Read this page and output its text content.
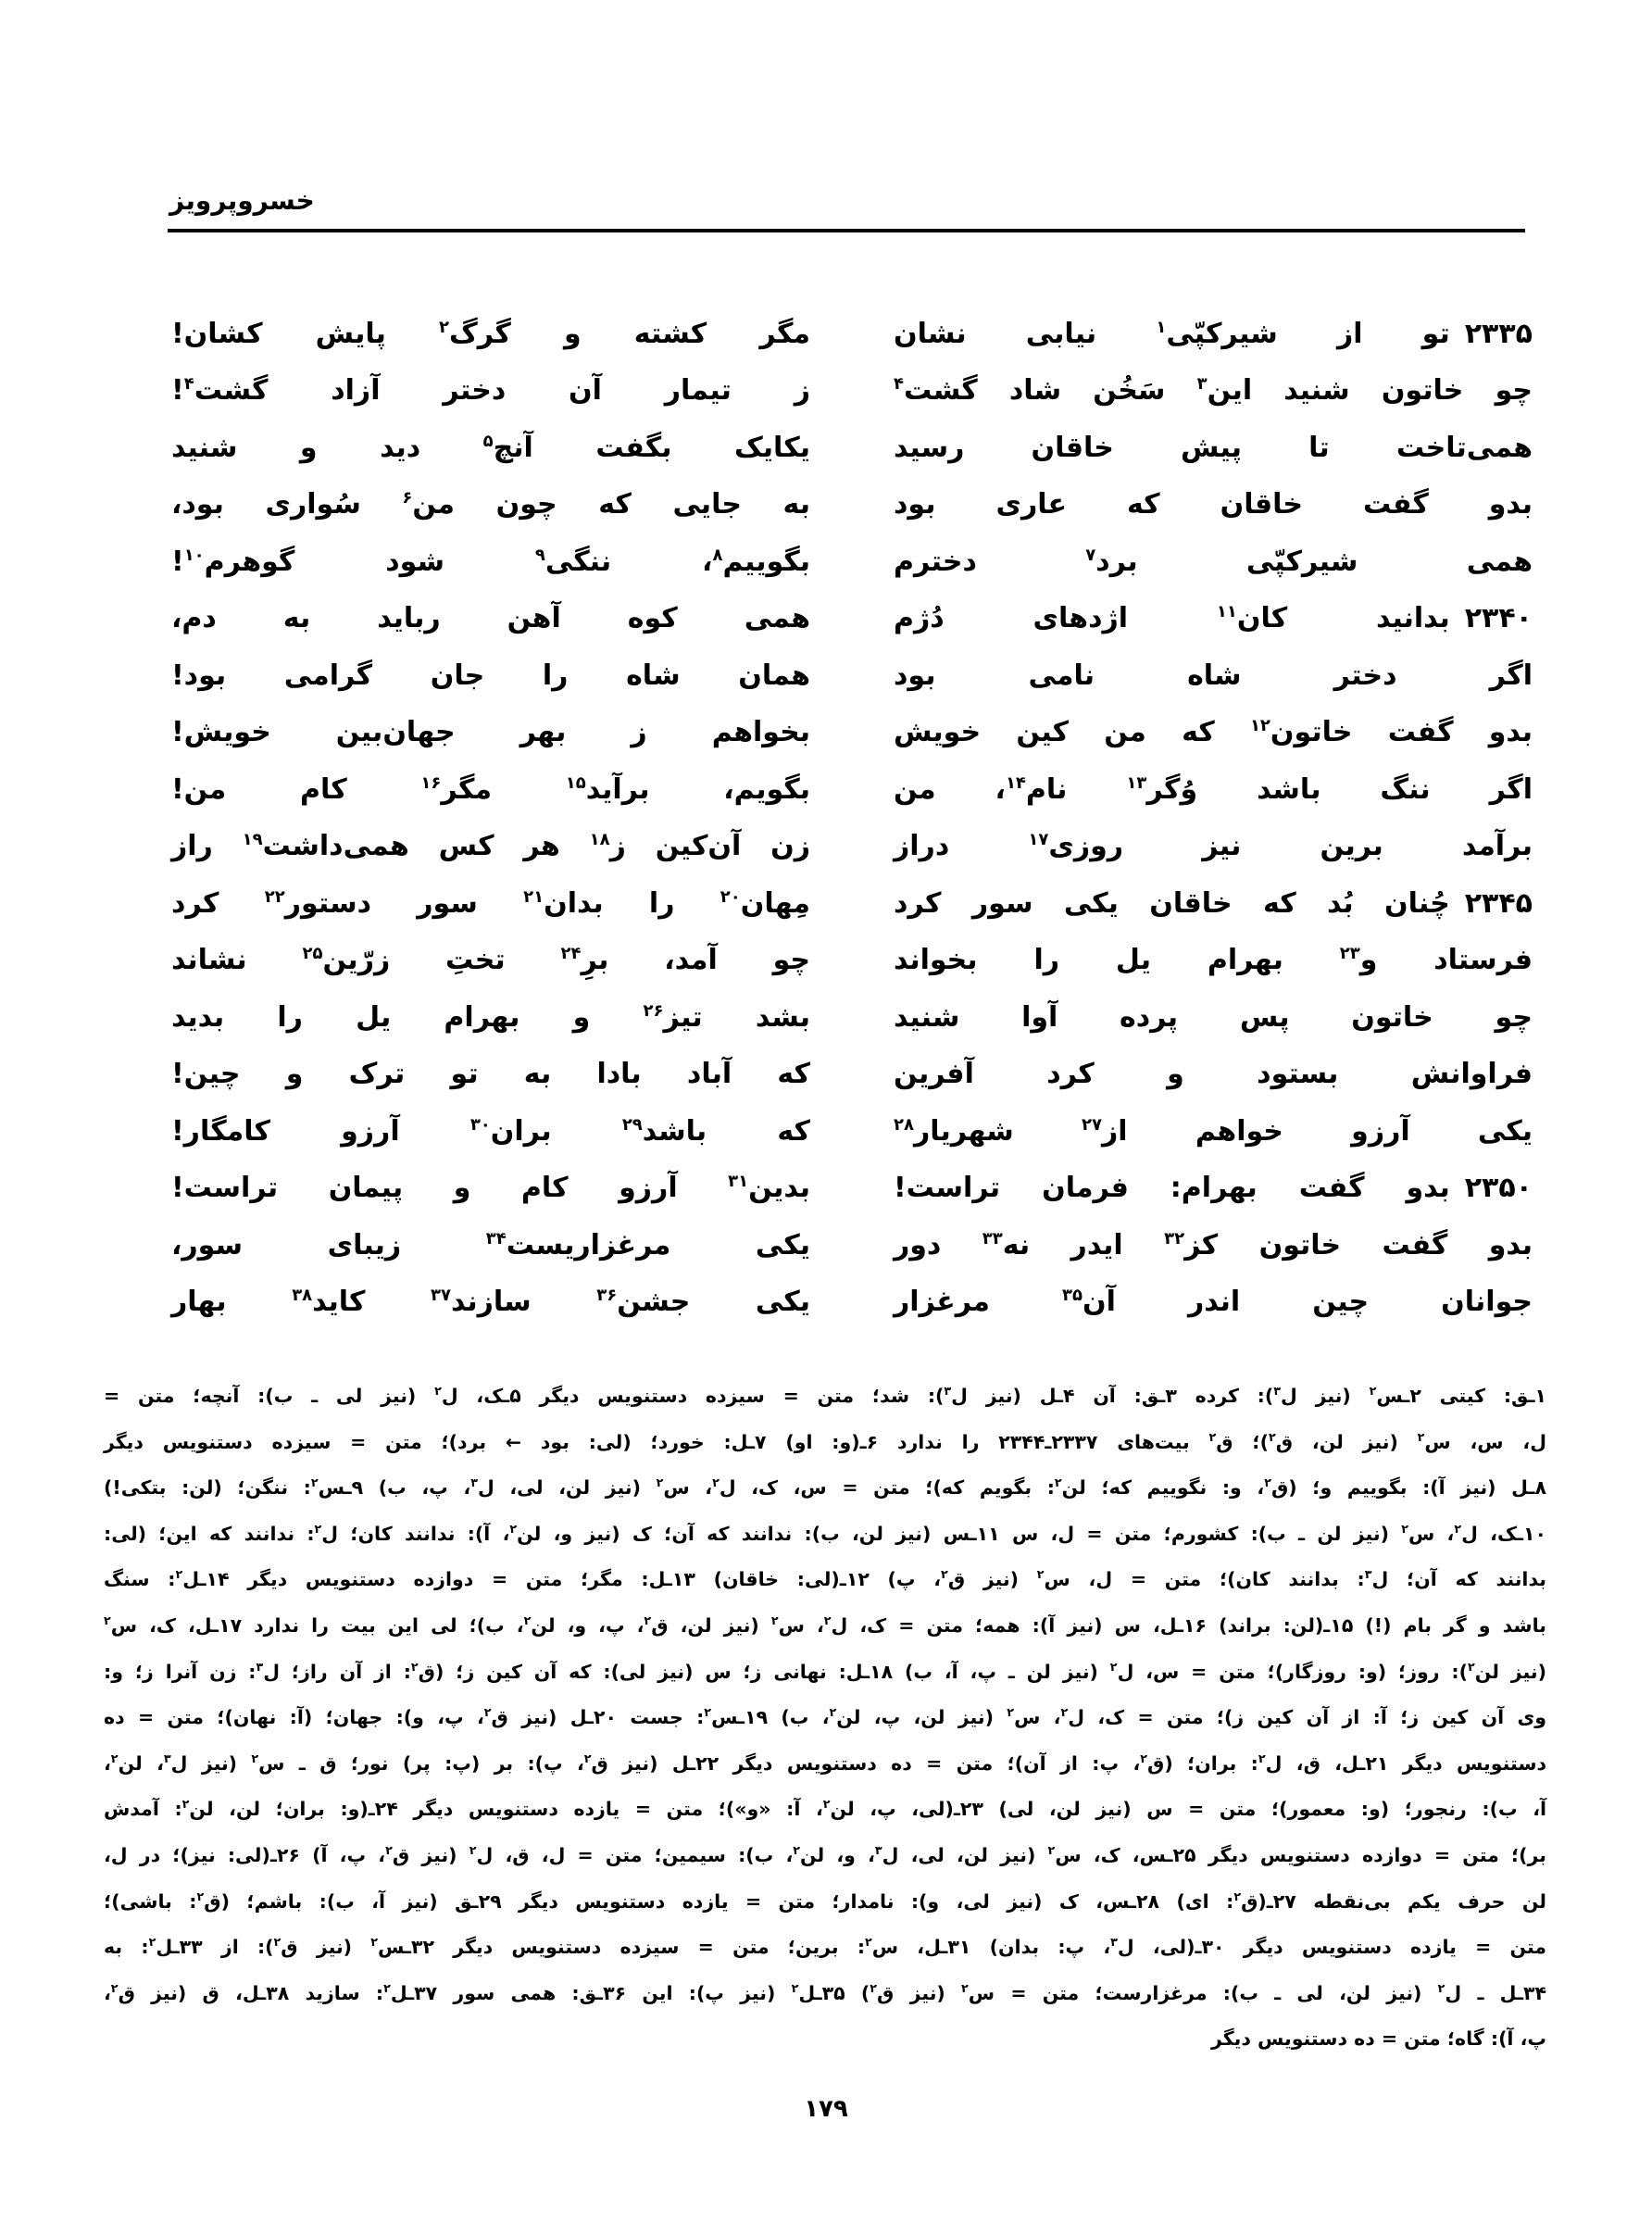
خسروپرویز
۲۳۳۵
تو از شیرکپّی$^۱$ نیابی نشان
مگر کشته و گرگ$^۲$ پایش کشان!
چو خاتون شنید این$^۳$ سَخُن شاد گشت$^۴$
ز تیمار آن دختر آزاد گشت$^۴$!
همی‌تاخت تا پیش خاقان رسید
یکایک بگفت آنچ$^۵$ دید و شنید
بدو گفت خاقان که عاری بود
به جایی که چون من$^۶$ سُواری بود،
همی شیرکپّی برد$^۷$ دخترم
بگوییم$^۸$، ننگی$^۹$ شود گوهرم$^{۱۰}$!
۲۳۴۰
بدانید کان$^{۱۱}$ اژدهای دُژم
همی کوه آهن رباید به دم،
اگر دختر شاه نامی بود
همان شاه را جان گرامی بود!
بدو گفت خاتون$^{۱۲}$ که من کین خویش
بخواهم ز بهر جهان‌بین خویش!
اگر ننگ باشد وُگر$^{۱۳}$ نام$^{۱۴}$، من
بگویم، برآید$^{۱۵}$ مگر$^{۱۶}$ کام من!
برآمد برین نیز روزی$^{۱۷}$ دراز
زن آن‌کین ز$^{۱۸}$ هر کس همی‌داشت$^{۱۹}$ راز
۲۳۴۵
چُنان بُد که خاقان یکی سور کرد
مِهان$^{۲۰}$ را بدان$^{۲۱}$ سور دستور$^{۲۲}$ کرد
فرستاد و$^{۲۳}$ بهرام یل را بخواند
چو آمد، برِ$^{۲۴}$ تختِ زرّین$^{۲۵}$ نشاند
چو خاتون پس پرده آوا شنید
بشد تیز$^{۲۶}$ و بهرام یل را بدید
فراوانش بستود و کرد آفرین
که آباد بادا به تو ترک و چین!
یکی آرزو خواهم از$^{۲۷}$ شهریار$^{۲۸}$
که باشد$^{۲۹}$ بران$^{۳۰}$ آرزو کامگار!
۲۳۵۰
بدو گفت بهرام: فرمان تراست!
بدین$^{۳۱}$ آرزو کام و پیمان تراست!
بدو گفت خاتون کز$^{۳۲}$ ایدر نه$^{۳۳}$ دور
یکی مرغزاریست$^{۳۴}$ زیبای سور،
جوانان چین اندر آن$^{۳۵}$ مرغزار
یکی جشن$^{۳۶}$ سازند$^{۳۷}$ کاید$^{۳۸}$ بهار
۱ـق: کیتی ۲ـس$^۲$ (نیز ل$^۳$): کرده ۳ـق: آن ۴ـل (نیز ل$^۳$): شد؛ متن = سیزده دستنویس دیگر ۵ـک، ل$^۲$ (نیز لی ـ ب): آنچه؛ متن =
ل، س، س$^۲$ (نیز لن، ق$^۲$)؛ ق$^۲$ بیت‌های ۲۳۳۷ـ۲۳۴۴ را ندارد ۶ـ(و: او) ۷ـل: خورد؛ (لی: بود ← برد)؛ متن = سیزده دستنویس دیگر
۸ـل (نیز آ): بگوییم و؛ (ق$^۲$، و: نگوییم که؛ لن$^۲$: بگویم که)؛ متن = س، ک، ل$^۲$، س$^۲$ (نیز لن، لی، ل$^۳$، پ، ب) ۹ـس$^۲$: ننگن؛ (لن: بتکی!)
۱۰ـک، ل$^۲$، س$^۲$ (نیز لن ـ ب): کشورم؛ متن = ل، س ۱۱ـس (نیز لن، ب): ندانند که آن؛ ک (نیز و، لن$^۲$، آ): ندانند کان؛ ل$^۲$: ندانند که این؛ (لی:
بدانند که آن؛ ل$^۳$: بدانند کان)؛ متن = ل، س$^۲$ (نیز ق$^۲$، پ) ۱۲ـ(لی: خاقان) ۱۳ـل: مگر؛ متن = دوازده دستنویس دیگر ۱۴ـل$^۲$: سنگ
باشد و گر بام (!) ۱۵ـ(لن: براند) ۱۶ـل، س (نیز آ): همه؛ متن = ک، ل$^۲$، س$^۲$ (نیز لن، ق$^۲$، پ، و، لن$^۲$، ب)؛ لی این بیت را ندارد ۱۷ـل، ک، س$^۲$
(نیز لن$^۲$): روز؛ (و: روزگار)؛ متن = س، ل$^۲$ (نیز لن ـ پ، آ، ب) ۱۸ـل: نهانی ز؛ س (نیز لی): که آن کین ز؛ (ق$^۲$: از آن راز؛ ل$^۳$: زن آنرا ز؛ و:
وی آن کین ز؛ آ: از آن کین ز)؛ متن = ک، ل$^۲$، س$^۲$ (نیز لن، پ، لن$^۲$، ب) ۱۹ـس$^۲$: جست ۲۰ـل (نیز ق$^۲$، پ، و): جهان؛ (آ: نهان)؛ متن = ده
دستنویس دیگر ۲۱ـل، ق، ل$^۲$: بران؛ (ق$^۲$، پ: از آن)؛ متن = ده دستنویس دیگر ۲۲ـل (نیز ق$^۲$، پ): بر (پ: پر) نور؛ ق ـ س$^۲$ (نیز ل$^۳$، لن$^۲$،
آ، ب): رنجور؛ (و: معمور)؛ متن = س (نیز لن، لی) ۲۳ـ(لی، پ، لن$^۲$، آ: «و»)؛ متن = یازده دستنویس دیگر ۲۴ـ(و: بران؛ لن، لن$^۲$: آمدش
بر)؛ متن = دوازده دستنویس دیگر ۲۵ـس، ک، س$^۲$ (نیز لن، لی، ل$^۳$، و، لن$^۲$، ب): سیمین؛ متن = ل، ق، ل$^۲$ (نیز ق$^۲$، پ، آ) ۲۶ـ(لی: نیز)؛ در ل،
لن حرف یکم بی‌نقطه ۲۷ـ(ق$^۲$: ای) ۲۸ـس، ک (نیز لی، و): نامدار؛ متن = یازده دستنویس دیگر ۲۹ـق (نیز آ، ب): باشم؛ (ق$^۲$: باشی)؛
متن = یازده دستنویس دیگر ۳۰ـ(لی، ل$^۳$، پ: بدان) ۳۱ـل، س$^۲$: برین؛ متن = سیزده دستنویس دیگر ۳۲ـس$^۲$ (نیز ق$^۲$): از ۳۳ـل$^۲$: به
۳۴ـل ـ ل$^۲$ (نیز لن، لی ـ ب): مرغزارست؛ متن = س$^۲$ (نیز ق$^۲$) ۳۵ـل$^۲$ (نیز پ): این ۳۶ـق: همی سور ۳۷ـل$^۲$: سازید ۳۸ـل، ق (نیز ق$^۲$،
پ، آ): گاه؛ متن = ده دستنویس دیگر
۱۷۹
